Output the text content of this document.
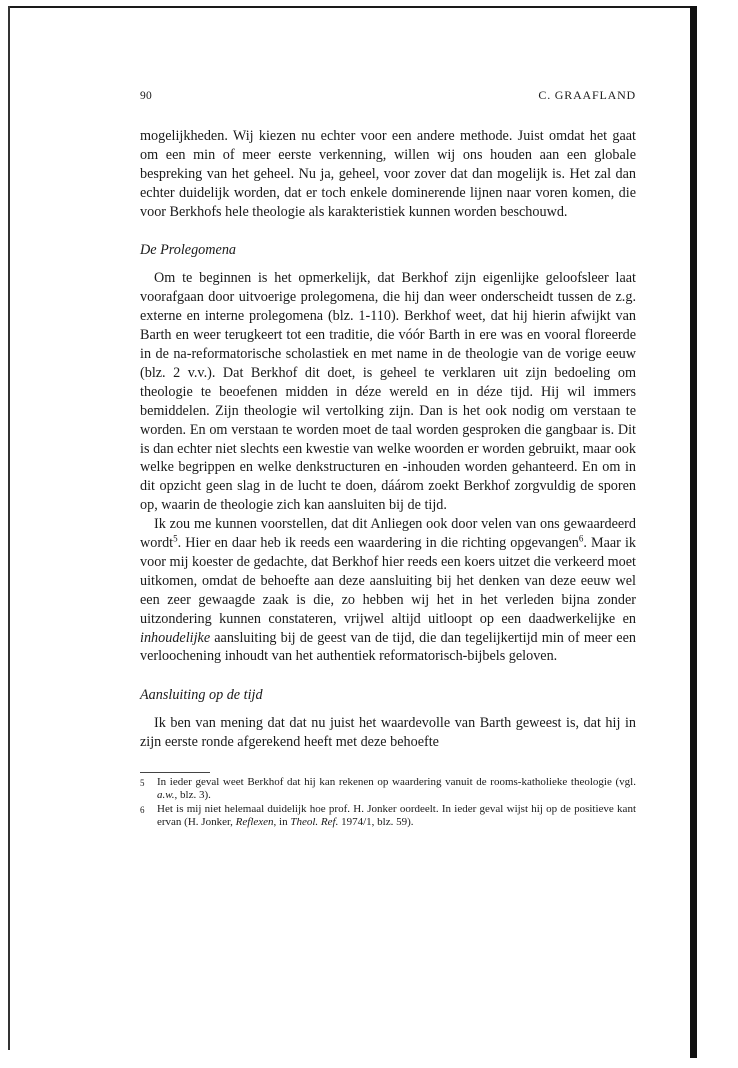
90	C. GRAAFLAND

mogelijkheden. Wij kiezen nu echter voor een andere methode. Juist omdat het gaat om een min of meer eerste verkenning, willen wij ons houden aan een globale bespreking van het geheel. Nu ja, geheel, voor zover dat dan mogelijk is. Het zal dan echter duidelijk worden, dat er toch enkele dominerende lijnen naar voren komen, die voor Berkhofs hele theologie als karakteristiek kunnen worden beschouwd.

De Prolegomena

Om te beginnen is het opmerkelijk, dat Berkhof zijn eigenlijke geloofsleer laat voorafgaan door uitvoerige prolegomena, die hij dan weer onderscheidt tussen de z.g. externe en interne prolegomena (blz. 1-110). Berkhof weet, dat hij hierin afwijkt van Barth en weer terugkeert tot een traditie, die vóór Barth in ere was en vooral floreerde in de na-reformatorische scholastiek en met name in de theologie van de vorige eeuw (blz. 2 v.v.). Dat Berkhof dit doet, is geheel te verklaren uit zijn bedoeling om theologie te beoefenen midden in déze wereld en in déze tijd. Hij wil immers bemiddelen. Zijn theologie wil vertolking zijn. Dan is het ook nodig om verstaan te worden. En om verstaan te worden moet de taal worden gesproken die gangbaar is. Dit is dan echter niet slechts een kwestie van welke woorden er worden gebruikt, maar ook welke begrippen en welke denkstructuren en -inhouden worden gehanteerd. En om in dit opzicht geen slag in de lucht te doen, dáárom zoekt Berkhof zorgvuldig de sporen op, waarin de theologie zich kan aansluiten bij de tijd.

Ik zou me kunnen voorstellen, dat dit Anliegen ook door velen van ons gewaardeerd wordt$^5$. Hier en daar heb ik reeds een waardering in die richting opgevangen$^6$. Maar ik voor mij koester de gedachte, dat Berkhof hier reeds een koers uitzet die verkeerd moet uitkomen, omdat de behoefte aan deze aansluiting bij het denken van deze eeuw wel een zeer gewaagde zaak is die, zo hebben wij het in het verleden bijna zonder uitzondering kunnen constateren, vrijwel altijd uitloopt op een daadwerkelijke en inhoudelijke aansluiting bij de geest van de tijd, die dan tegelijkertijd min of meer een verloochening inhoudt van het authentiek reformatorisch-bijbels geloven.

Aansluiting op de tijd

Ik ben van mening dat dat nu juist het waardevolle van Barth geweest is, dat hij in zijn eerste ronde afgerekend heeft met deze behoefte

5	In ieder geval weet Berkhof dat hij kan rekenen op waardering vanuit de rooms-katholieke theologie (vgl. a.w., blz. 3).
6	Het is mij niet helemaal duidelijk hoe prof. H. Jonker oordeelt. In ieder geval wijst hij op de positieve kant ervan (H. Jonker, Reflexen, in Theol. Ref. 1974/1, blz. 59).
